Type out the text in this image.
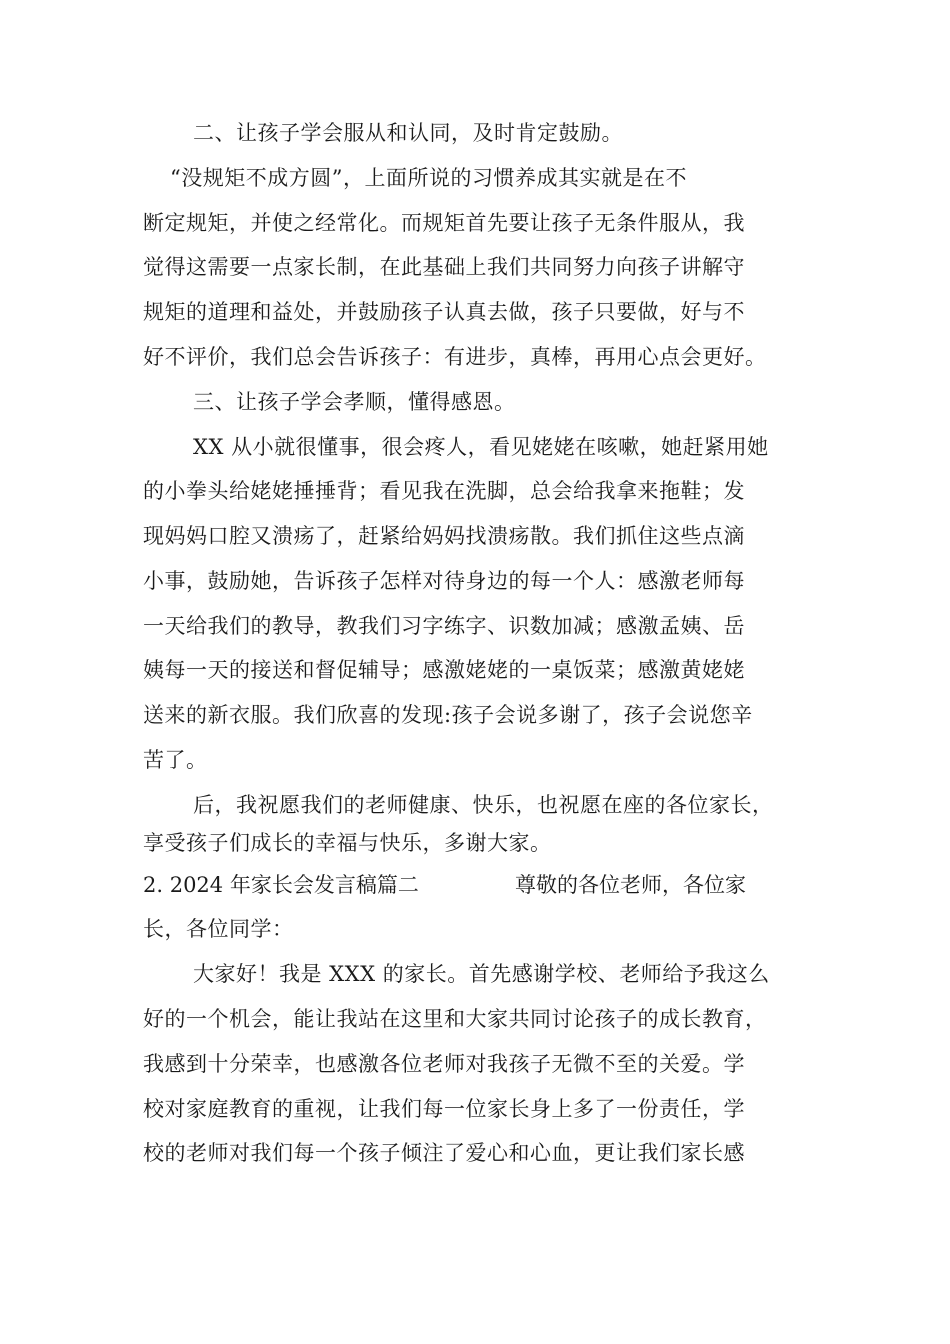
二、让孩子学会服从和认同，及时肯定鼓励。
“没规矩不成方圆”，上面所说的习惯养成其实就是在不
断定规矩，并使之经常化。而规矩首先要让孩子无条件服从，我
觉得这需要一点家长制，在此基础上我们共同努力向孩子讲解守
规矩的道理和益处，并鼓励孩子认真去做，孩子只要做，好与不
好不评价，我们总会告诉孩子：有进步，真棒，再用心点会更好。
三、让孩子学会孝顺，懂得感恩。
XX 从小就很懂事，很会疼人，看见姥姥在咳嗽，她赶紧用她
的小拳头给姥姥捶捶背；看见我在洗脚，总会给我拿来拖鞋；发
现妈妈口腔又溃疡了，赶紧给妈妈找溃疡散。我们抓住这些点滴
小事，鼓励她，告诉孩子怎样对待身边的每一个人：感激老师每
一天给我们的教导，教我们习字练字、识数加减；感激孟姨、岳
姨每一天的接送和督促辅导；感激姥姥的一桌饭菜；感激黄姥姥
送来的新衣服。我们欣喜的发现:孩子会说多谢了，孩子会说您辛
苦了。
后，我祝愿我们的老师健康、快乐，也祝愿在座的各位家长，
享受孩子们成长的幸福与快乐，多谢大家。
2. 2024 年家长会发言稿篇二	尊敬的各位老师，各位家
长，各位同学：
大家好！我是 XXX 的家长。首先感谢学校、老师给予我这么
好的一个机会，能让我站在这里和大家共同讨论孩子的成长教育，
我感到十分荣幸，也感激各位老师对我孩子无微不至的关爱。学
校对家庭教育的重视，让我们每一位家长身上多了一份责任，学
校的老师对我们每一个孩子倾注了爱心和心血，更让我们家长感
